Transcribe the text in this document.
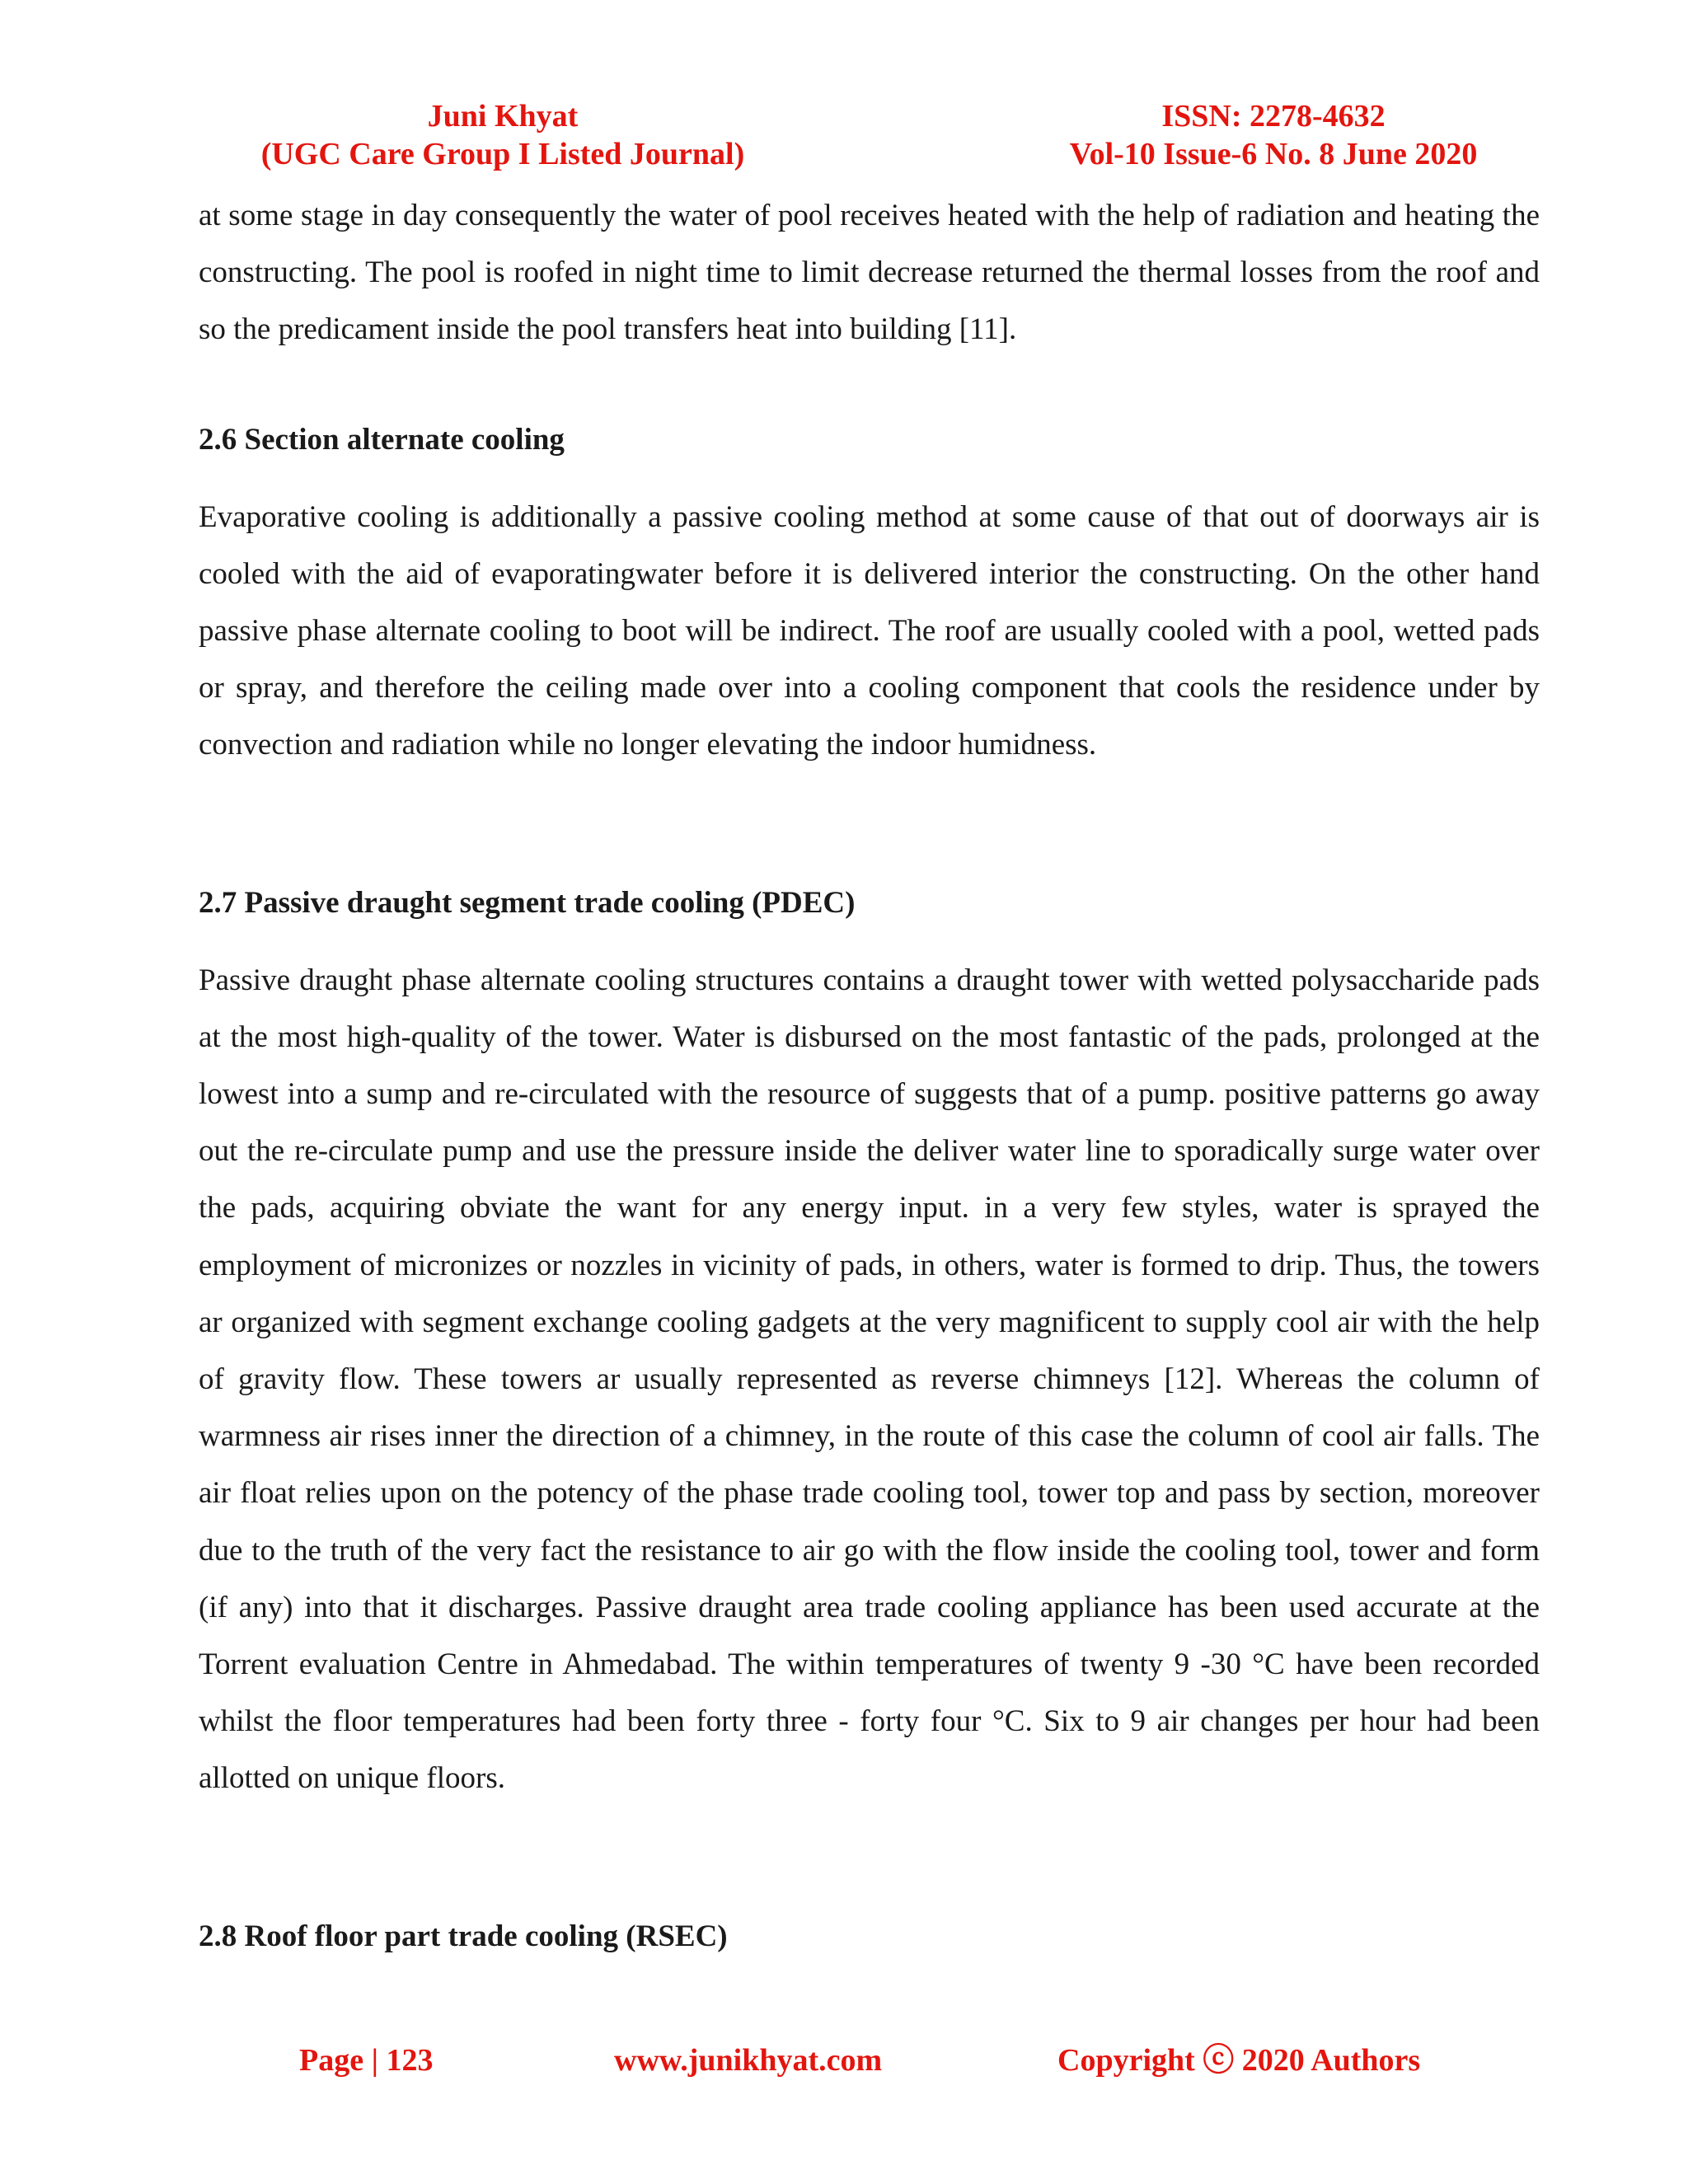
Juni Khyat
(UGC Care Group I Listed Journal)
ISSN: 2278-4632
Vol-10 Issue-6 No. 8 June 2020

at some stage in day consequently the water of pool receives heated with the help of radiation and heating the constructing. The pool is roofed in night time to limit decrease returned the thermal losses from the roof and so the predicament inside the pool transfers heat into building [11].

2.6 Section alternate cooling

Evaporative cooling is additionally a passive cooling method at some cause of that out of doorways air is cooled with the aid of evaporatingwater before it is delivered interior the constructing. On the other hand passive phase alternate cooling to boot will be indirect. The roof are usually cooled with a pool, wetted pads or spray, and therefore the ceiling made over into a cooling component that cools the residence under by convection and radiation while no longer elevating the indoor humidness.

2.7 Passive draught segment trade cooling (PDEC)

Passive draught phase alternate cooling structures contains a draught tower with wetted polysaccharide pads at the most high-quality of the tower. Water is disbursed on the most fantastic of the pads, prolonged at the lowest into a sump and re-circulated with the resource of suggests that of a pump. positive patterns go away out the re-circulate pump and use the pressure inside the deliver water line to sporadically surge water over the pads, acquiring obviate the want for any energy input. in a very few styles, water is sprayed the employment of micronizes or nozzles in vicinity of pads, in others, water is formed to drip. Thus, the towers ar organized with segment exchange cooling gadgets at the very magnificent to supply cool air with the help of gravity flow. These towers ar usually represented as reverse chimneys [12]. Whereas the column of warmness air rises inner the direction of a chimney, in the route of this case the column of cool air falls. The air float relies upon on the potency of the phase trade cooling tool, tower top and pass by section, moreover due to the truth of the very fact the resistance to air go with the flow inside the cooling tool, tower and form (if any) into that it discharges. Passive draught area trade cooling appliance has been used accurate at the Torrent evaluation Centre in Ahmedabad. The within temperatures of twenty 9 -30 °C have been recorded whilst the floor temperatures had been forty three - forty four °C. Six to 9 air changes per hour had been allotted on unique floors.

2.8 Roof floor part trade cooling (RSEC)
Page | 123	www.junikhyat.com	Copyright ⓒ 2020 Authors
